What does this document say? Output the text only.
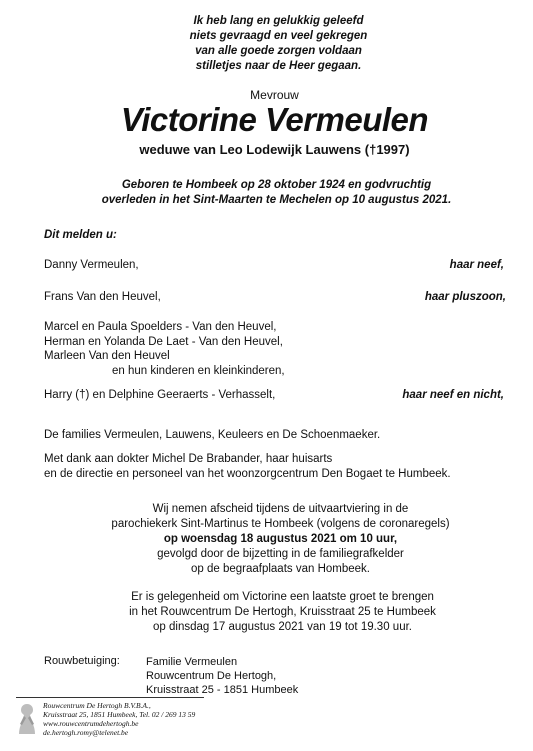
Ik heb lang en gelukkig geleefd
niets gevraagd en veel gekregen
van alle goede zorgen voldaan
stilletjes naar de Heer gegaan.
Mevrouw
Victorine Vermeulen
weduwe van Leo Lodewijk Lauwens (†1997)
Geboren te Hombeek op 28 oktober 1924 en godvruchtig
overleden in het Sint-Maarten te Mechelen op 10 augustus 2021.
Dit melden u:
Danny Vermeulen,	haar neef,
Frans Van den Heuvel,	haar pluszoon,
Marcel en Paula Spoelders - Van den Heuvel,
Herman en Yolanda De Laet - Van den Heuvel,
Marleen Van den Heuvel
en hun kinderen en kleinkinderen,
Harry (†) en Delphine Geeraerts - Verhasselt,	haar neef en nicht,
De families Vermeulen, Lauwens, Keuleers en De Schoenmaeker.
Met dank aan dokter Michel De Brabander, haar huisarts
en de directie en personeel van het woonzorgcentrum Den Bogaet te Humbeek.
Wij nemen afscheid tijdens de uitvaartviering in de
parochiekerk Sint-Martinus te Hombeek (volgens de coronaregels)
op woensdag 18 augustus 2021 om 10 uur,
gevolgd door de bijzetting in de familiegrafkelder
op de begraafplaats van Hombeek.
Er is gelegenheid om Victorine een laatste groet te brengen
in het Rouwcentrum De Hertogh, Kruisstraat 25 te Humbeek
op dinsdag 17 augustus 2021 van 19 tot 19.30 uur.
Rouwbetuiging: Familie Vermeulen
Rouwcentrum De Hertogh,
Kruisstraat 25 - 1851 Humbeek
Rouwcentrum De Hertogh B.V.B.A.,
Kruisstraat 25, 1851 Humbeek, Tel. 02 / 269 13 59
www.rouwcentrumdehertogh.be
de.hertogh.romy@telenet.be
